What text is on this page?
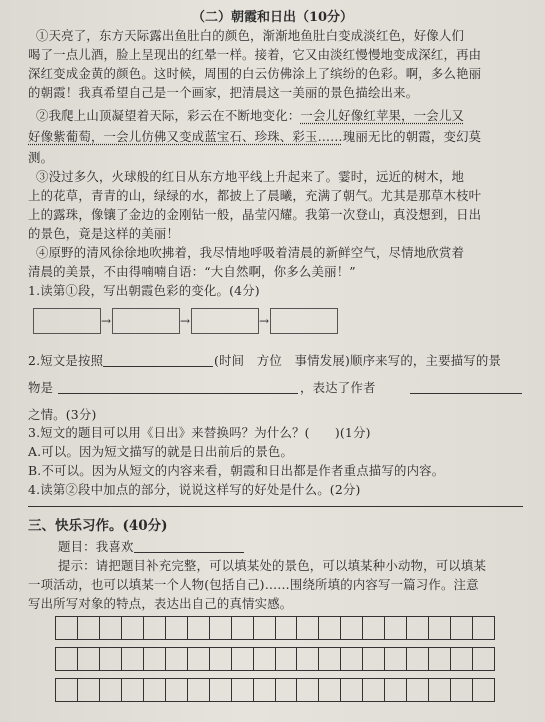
（二）朝霞和日出（10分）
①天亮了，东方天际露出鱼肚白的颜色，渐渐地鱼肚白变成淡红色，好像人们
喝了一点儿酒，脸上呈现出的红晕一样。接着，它又由淡红慢慢地变成深红，再由
深红变成金黄的颜色。这时候，周围的白云仿佛涂上了缤纷的色彩。啊，多么艳丽
的朝霞！我真希望自己是一个画家，把清晨这一美丽的景色描绘出来。
②我爬上山顶凝望着天际，彩云在不断地变化：一会儿好像红苹果，一会儿又
好像紫葡萄，一会儿仿佛又变成蓝宝石、珍珠、彩玉……瑰丽无比的朝霞，变幻莫
测。
③没过多久，火球般的红日从东方地平线上升起来了。霎时，远近的树木，地
上的花草，青青的山，绿绿的水，都披上了晨曦，充满了朝气。尤其是那草木枝叶
上的露珠，像镶了金边的金刚钻一般，晶莹闪耀。我第一次登山，真没想到，日出
的景色，竟是这样的美丽！
④原野的清风徐徐地吹拂着，我尽情地呼吸着清晨的新鲜空气，尽情地欣赏着
清晨的美景，不由得喃喃自语：“大自然啊，你多么美丽！”
1.读第①段，写出朝霞色彩的变化。(4分)
→	→	→
2.短文是按照	(时间　方位　事情发展)顺序来写的，主要描写的景
物是	，表达了作者
之情。(3分)
3.短文的题目可以用《日出》来替换吗？为什么？(　　)(1分)
A.可以。因为短文描写的就是日出前后的景色。
B.不可以。因为从短文的内容来看，朝霞和日出都是作者重点描写的内容。
4.读第②段中加点的部分，说说这样写的好处是什么。(2分)
三、快乐习作。(40分)
题目：我喜欢
提示：请把题目补充完整，可以填某处的景色，可以填某种小动物，可以填某
一项活动，也可以填某一个人物(包括自己)……围绕所填的内容写一篇习作。注意
写出所写对象的特点，表达出自己的真情实感。
